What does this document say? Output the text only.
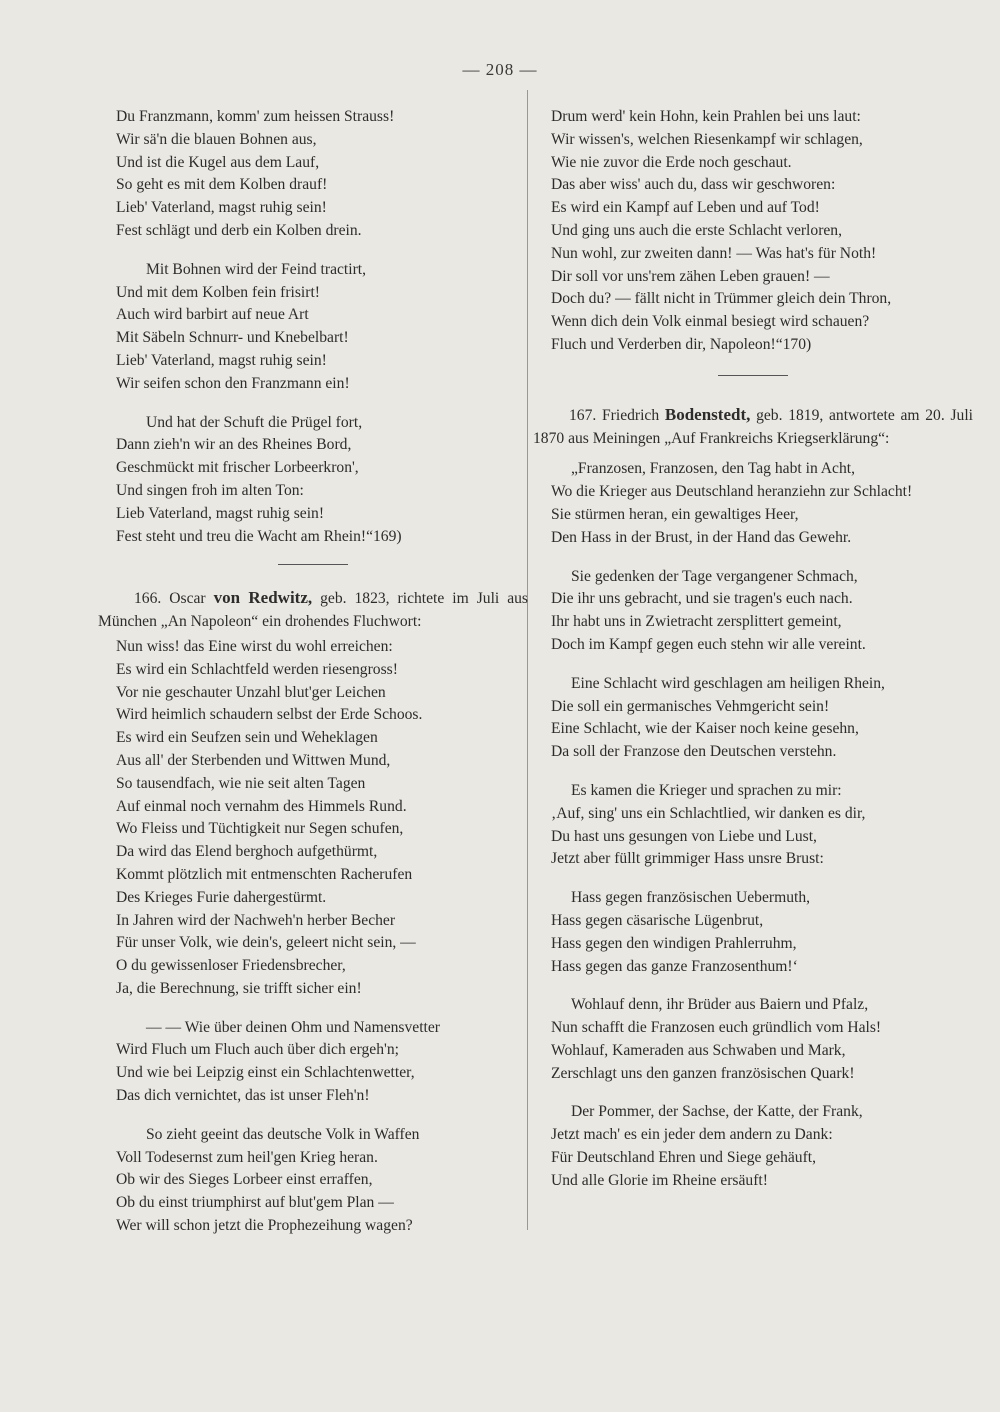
— 208 —
Du Franzmann, komm' zum heissen Strauss!
Wir sä'n die blauen Bohnen aus,
Und ist die Kugel aus dem Lauf,
So geht es mit dem Kolben drauf!
Lieb' Vaterland, magst ruhig sein!
Fest schlägt und derb ein Kolben drein.
Mit Bohnen wird der Feind tractirt,
Und mit dem Kolben fein frisirt!
Auch wird barbirt auf neue Art
Mit Säbeln Schnurr- und Knebelbart!
Lieb' Vaterland, magst ruhig sein!
Wir seifen schon den Franzmann ein!
Und hat der Schuft die Prügel fort,
Dann zieh'n wir an des Rheines Bord,
Geschmückt mit frischer Lorbeerkron',
Und singen froh im alten Ton:
Lieb Vaterland, magst ruhig sein!
Fest steht und treu die Wacht am Rhein!“169)

166. Oscar von Redwitz, geb. 1823, richtete im Juli aus München „An Napoleon“ ein drohendes Fluchwort:

Nun wiss! das Eine wirst du wohl erreichen:
Es wird ein Schlachtfeld werden riesengross!
Vor nie geschauter Unzahl blut'ger Leichen
Wird heimlich schaudern selbst der Erde Schoos.
Es wird ein Seufzen sein und Weheklagen
Aus all' der Sterbenden und Wittwen Mund,
So tausendfach, wie nie seit alten Tagen
Auf einmal noch vernahm des Himmels Rund.
Wo Fleiss und Tüchtigkeit nur Segen schufen,
Da wird das Elend berghoch aufgethürmt,
Kommt plötzlich mit entmenschten Racherufen
Des Krieges Furie dahergestürmt.
In Jahren wird der Nachweh'n herber Becher
Für unser Volk, wie dein's, geleert nicht sein, —
O du gewissenloser Friedensbrecher,
Ja, die Berechnung, sie trifft sicher ein!
— — Wie über deinen Ohm und Namensvetter
Wird Fluch um Fluch auch über dich ergeh'n;
Und wie bei Leipzig einst ein Schlachtenwetter,
Das dich vernichtet, das ist unser Fleh'n!
So zieht geeint das deutsche Volk in Waffen
Voll Todesernst zum heil'gen Krieg heran.
Ob wir des Sieges Lorbeer einst erraffen,
Ob du einst triumphirst auf blut'gem Plan —
Wer will schon jetzt die Prophezeihung wagen?
Drum werd' kein Hohn, kein Prahlen bei uns laut:
Wir wissen's, welchen Riesenkampf wir schlagen,
Wie nie zuvor die Erde noch geschaut.
Das aber wiss' auch du, dass wir geschworen:
Es wird ein Kampf auf Leben und auf Tod!
Und ging uns auch die erste Schlacht verloren,
Nun wohl, zur zweiten dann! — Was hat's für Noth!
Dir soll vor uns'rem zähen Leben grauen! —
Doch du? — fällt nicht in Trümmer gleich dein Thron,
Wenn dich dein Volk einmal besiegt wird schauen?
Fluch und Verderben dir, Napoleon!“170)

167. Friedrich Bodenstedt, geb. 1819, antwortete am 20. Juli 1870 aus Meiningen „Auf Frankreichs Kriegserklärung“:

„Franzosen, Franzosen, den Tag habt in Acht,
Wo die Krieger aus Deutschland heranziehn zur Schlacht!
Sie stürmen heran, ein gewaltiges Heer,
Den Hass in der Brust, in der Hand das Gewehr.
Sie gedenken der Tage vergangener Schmach,
Die ihr uns gebracht, und sie tragen's euch nach.
Ihr habt uns in Zwietracht zersplittert gemeint,
Doch im Kampf gegen euch stehn wir alle vereint.
Eine Schlacht wird geschlagen am heiligen Rhein,
Die soll ein germanisches Vehmgericht sein!
Eine Schlacht, wie der Kaiser noch keine gesehn,
Da soll der Franzose den Deutschen verstehn.
Es kamen die Krieger und sprachen zu mir:
‚Auf, sing' uns ein Schlachtlied, wir danken es dir,
Du hast uns gesungen von Liebe und Lust,
Jetzt aber füllt grimmiger Hass unsre Brust:
Hass gegen französischen Uebermuth,
Hass gegen cäsarische Lügenbrut,
Hass gegen den windigen Prahlerruhm,
Hass gegen das ganze Franzosenthum!‘
Wohlauf denn, ihr Brüder aus Baiern und Pfalz,
Nun schafft die Franzosen euch gründlich vom Hals!
Wohlauf, Kameraden aus Schwaben und Mark,
Zerschlagt uns den ganzen französischen Quark!
Der Pommer, der Sachse, der Katte, der Frank,
Jetzt mach' es ein jeder dem andern zu Dank:
Für Deutschland Ehren und Siege gehäuft,
Und alle Glorie im Rheine ersäuft!
